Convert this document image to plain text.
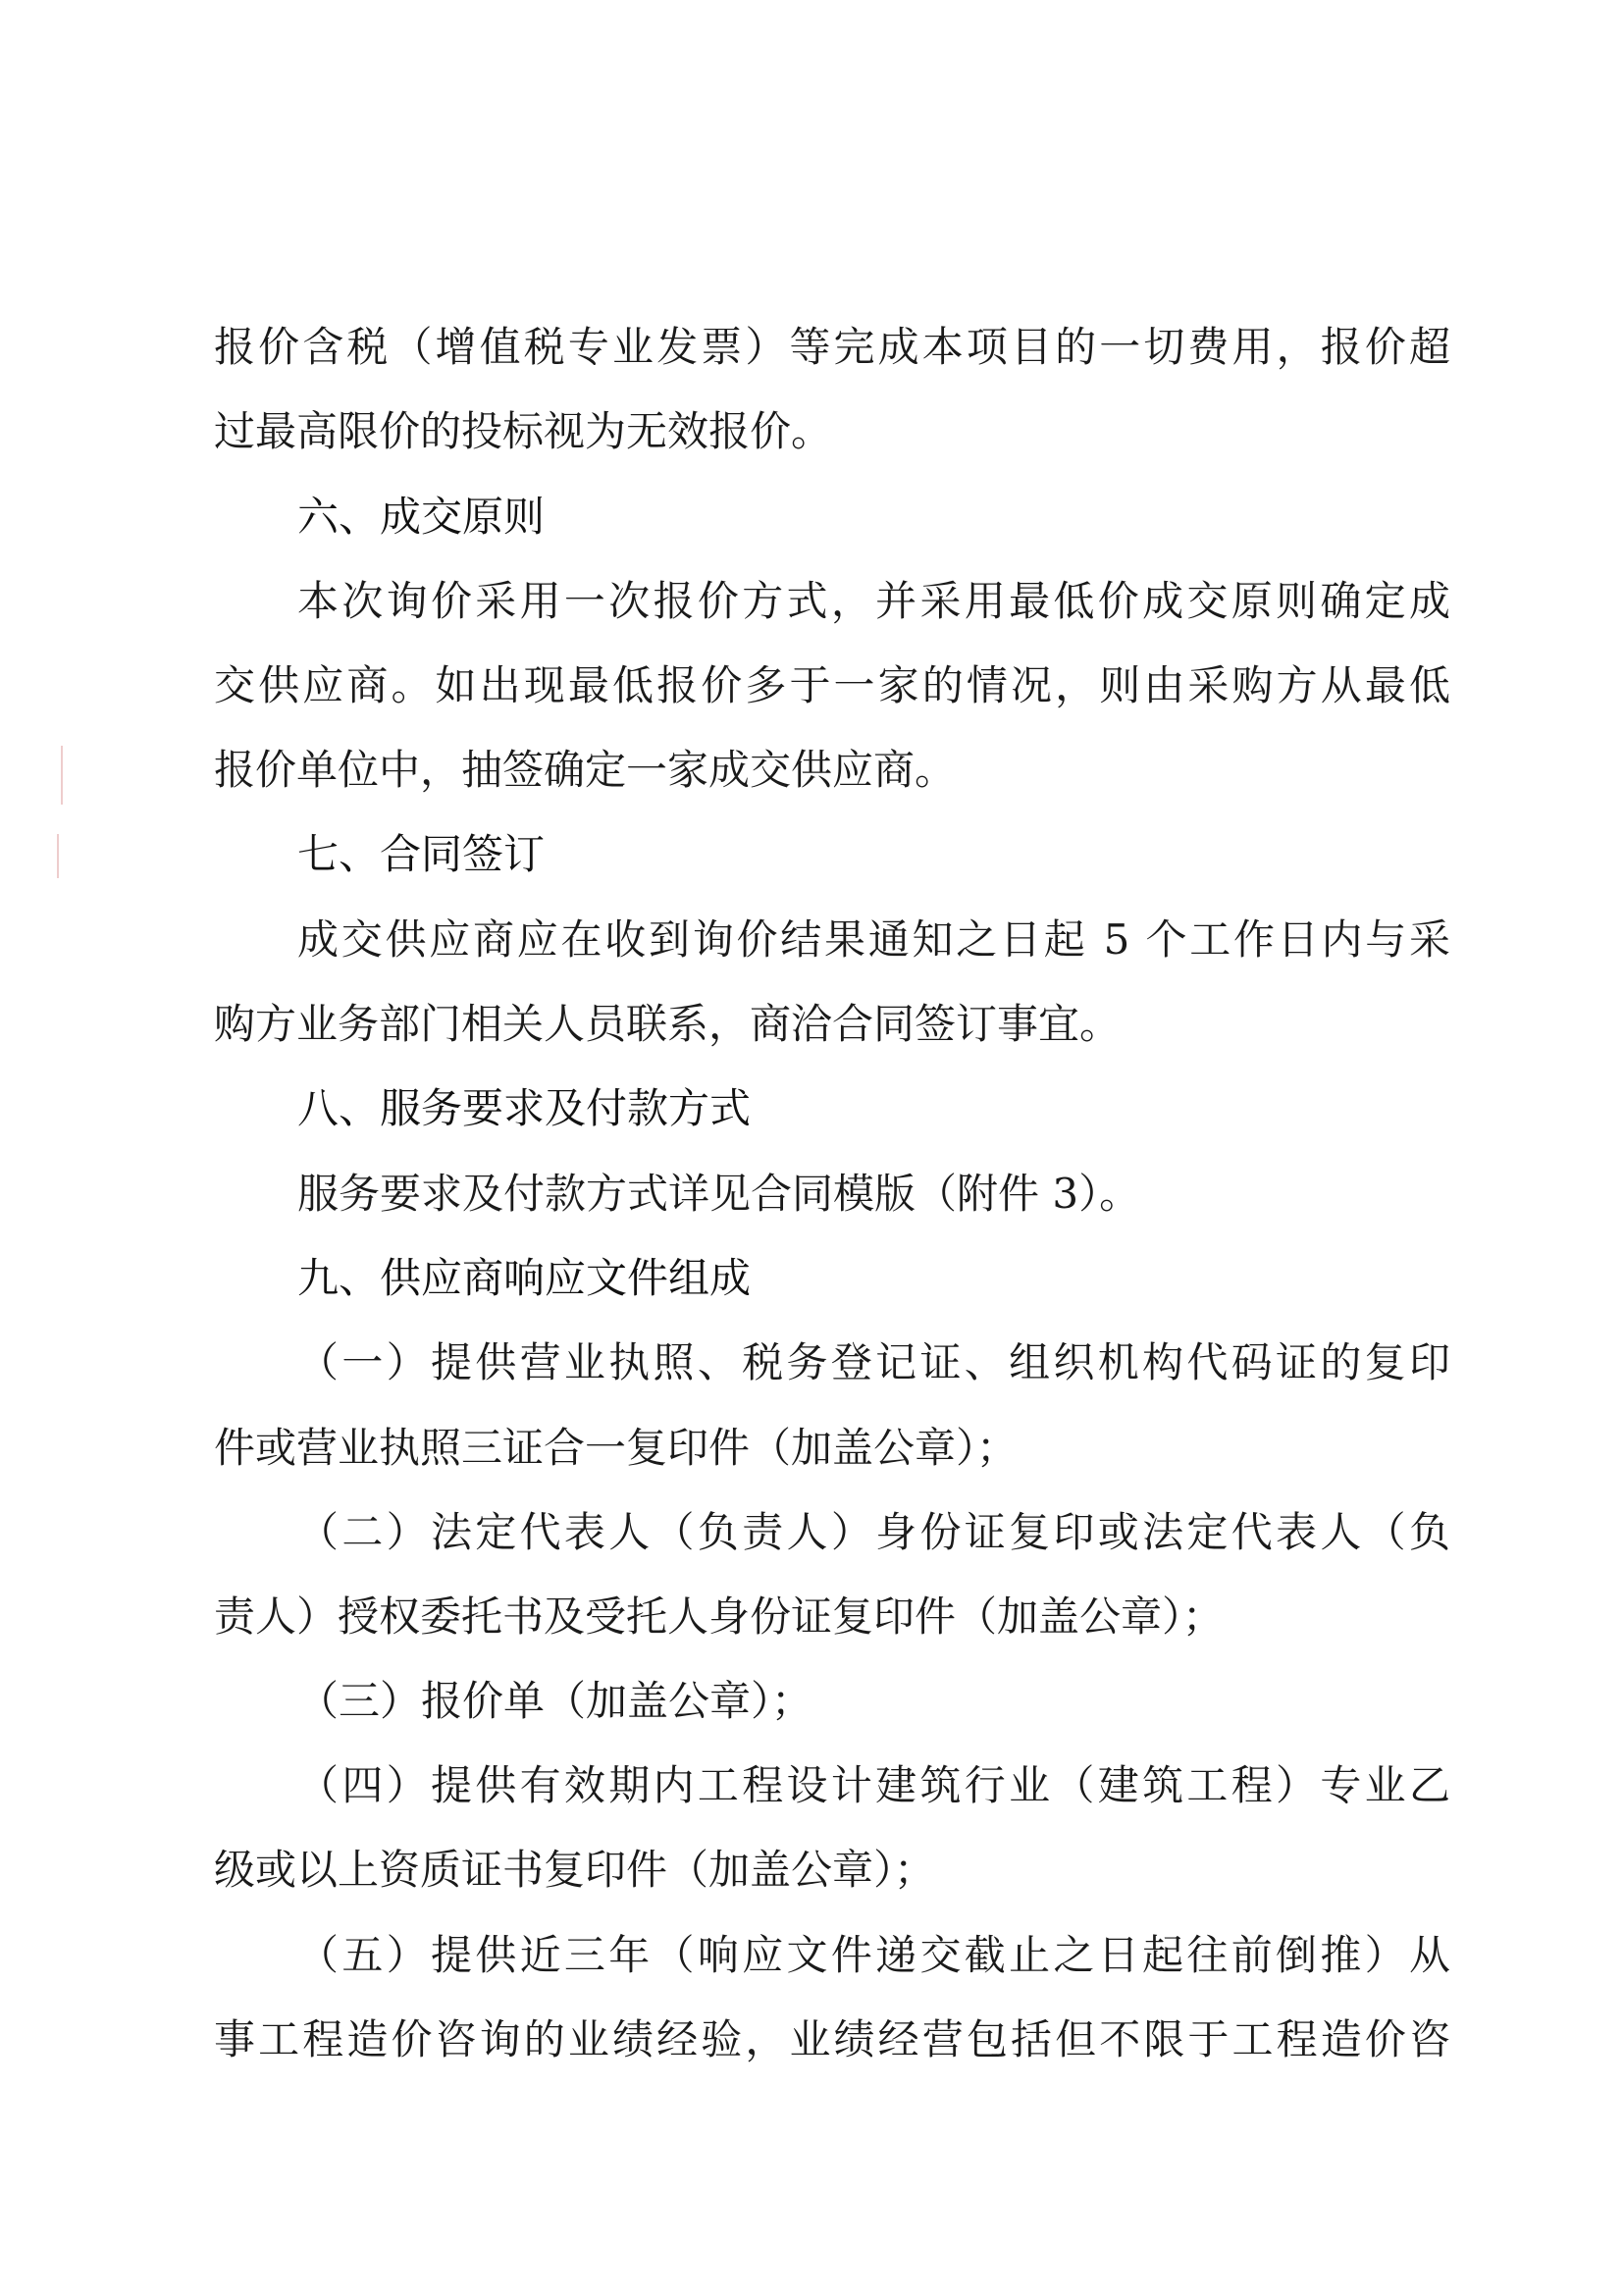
报价含税（增值税专业发票）等完成本项目的一切费用，报价超
过最高限价的投标视为无效报价。
六、成交原则
本次询价采用一次报价方式，并采用最低价成交原则确定成
交供应商。如出现最低报价多于一家的情况，则由采购方从最低
报价单位中，抽签确定一家成交供应商。
七、合同签订
成交供应商应在收到询价结果通知之日起 5 个工作日内与采
购方业务部门相关人员联系，商洽合同签订事宜。
八、服务要求及付款方式
服务要求及付款方式详见合同模版（附件 3）。
九、供应商响应文件组成
（一）提供营业执照、税务登记证、组织机构代码证的复印
件或营业执照三证合一复印件（加盖公章）；
（二）法定代表人（负责人）身份证复印或法定代表人（负
责人）授权委托书及受托人身份证复印件（加盖公章）；
（三）报价单（加盖公章）；
（四）提供有效期内工程设计建筑行业（建筑工程）专业乙
级或以上资质证书复印件（加盖公章）；
（五）提供近三年（响应文件递交截止之日起往前倒推）从
事工程造价咨询的业绩经验，业绩经营包括但不限于工程造价咨
